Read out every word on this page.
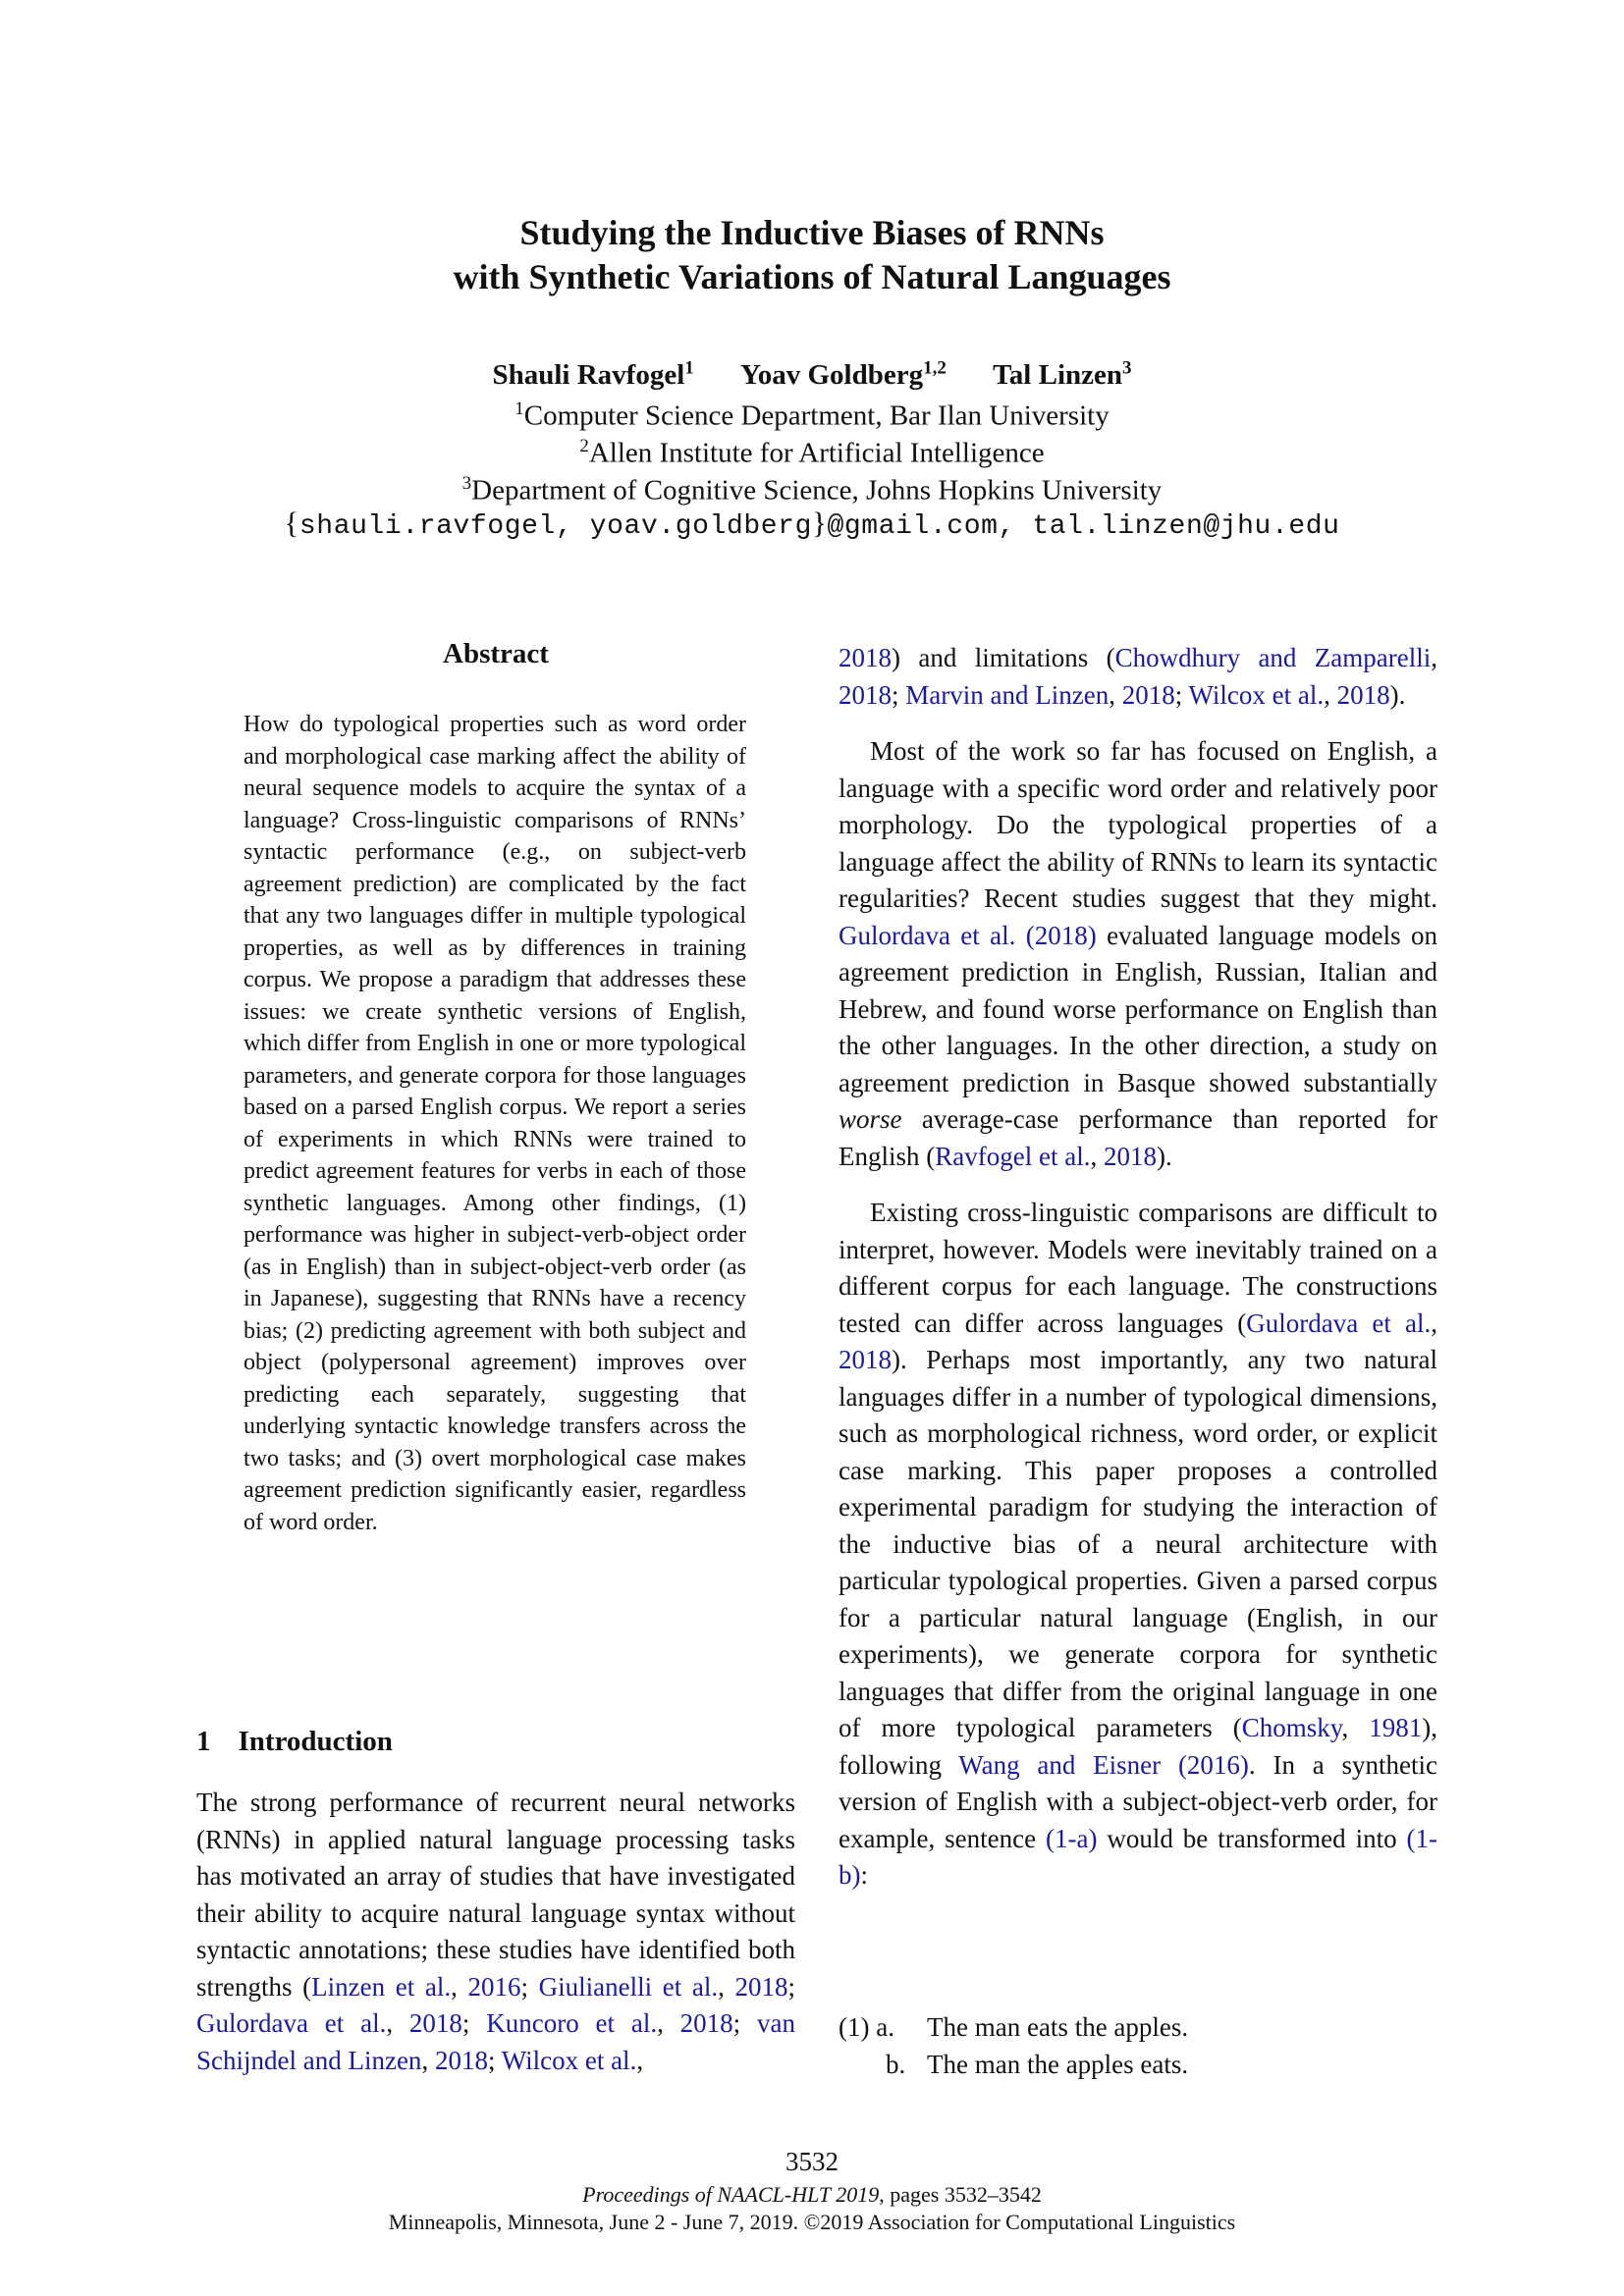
Studying the Inductive Biases of RNNs
with Synthetic Variations of Natural Languages
Shauli Ravfogel$^1$ Yoav Goldberg$^{1,2}$ Tal Linzen$^3$
$^1$Computer Science Department, Bar Ilan University
$^2$Allen Institute for Artificial Intelligence
$^3$Department of Cognitive Science, Johns Hopkins University
{shauli.ravfogel, yoav.goldberg}@gmail.com, tal.linzen@jhu.edu
Abstract
How do typological properties such as word order and morphological case marking affect the ability of neural sequence models to acquire the syntax of a language? Cross-linguistic comparisons of RNNs’ syntactic performance (e.g., on subject-verb agreement prediction) are complicated by the fact that any two languages differ in multiple typological properties, as well as by differences in training corpus. We propose a paradigm that addresses these issues: we create synthetic versions of English, which differ from English in one or more typological parameters, and generate corpora for those languages based on a parsed English corpus. We report a series of experiments in which RNNs were trained to predict agreement features for verbs in each of those synthetic languages. Among other findings, (1) performance was higher in subject-verb-object order (as in English) than in subject-object-verb order (as in Japanese), suggesting that RNNs have a recency bias; (2) predicting agreement with both subject and object (polypersonal agreement) improves over predicting each separately, suggesting that underlying syntactic knowledge transfers across the two tasks; and (3) overt morphological case makes agreement prediction significantly easier, regardless of word order.
1 Introduction
The strong performance of recurrent neural networks (RNNs) in applied natural language processing tasks has motivated an array of studies that have investigated their ability to acquire natural language syntax without syntactic annotations; these studies have identified both strengths (Linzen et al., 2016; Giulianelli et al., 2018; Gulordava et al., 2018; Kuncoro et al., 2018; van Schijndel and Linzen, 2018; Wilcox et al.,

2018) and limitations (Chowdhury and Zamparelli, 2018; Marvin and Linzen, 2018; Wilcox et al., 2018).

Most of the work so far has focused on English, a language with a specific word order and relatively poor morphology. Do the typological properties of a language affect the ability of RNNs to learn its syntactic regularities? Recent studies suggest that they might. Gulordava et al. (2018) evaluated language models on agreement prediction in English, Russian, Italian and Hebrew, and found worse performance on English than the other languages. In the other direction, a study on agreement prediction in Basque showed substantially worse average-case performance than reported for English (Ravfogel et al., 2018).

Existing cross-linguistic comparisons are difficult to interpret, however. Models were inevitably trained on a different corpus for each language. The constructions tested can differ across languages (Gulordava et al., 2018). Perhaps most importantly, any two natural languages differ in a number of typological dimensions, such as morphological richness, word order, or explicit case marking. This paper proposes a controlled experimental paradigm for studying the interaction of the inductive bias of a neural architecture with particular typological properties. Given a parsed corpus for a particular natural language (English, in our experiments), we generate corpora for synthetic languages that differ from the original language in one of more typological parameters (Chomsky, 1981), following Wang and Eisner (2016). In a synthetic version of English with a subject-object-verb order, for example, sentence (1-a) would be transformed into (1-b):

(1) a. The man eats the apples.
b. The man the apples eats.
3532
Proceedings of NAACL-HLT 2019, pages 3532–3542
Minneapolis, Minnesota, June 2 - June 7, 2019. ©2019 Association for Computational Linguistics
